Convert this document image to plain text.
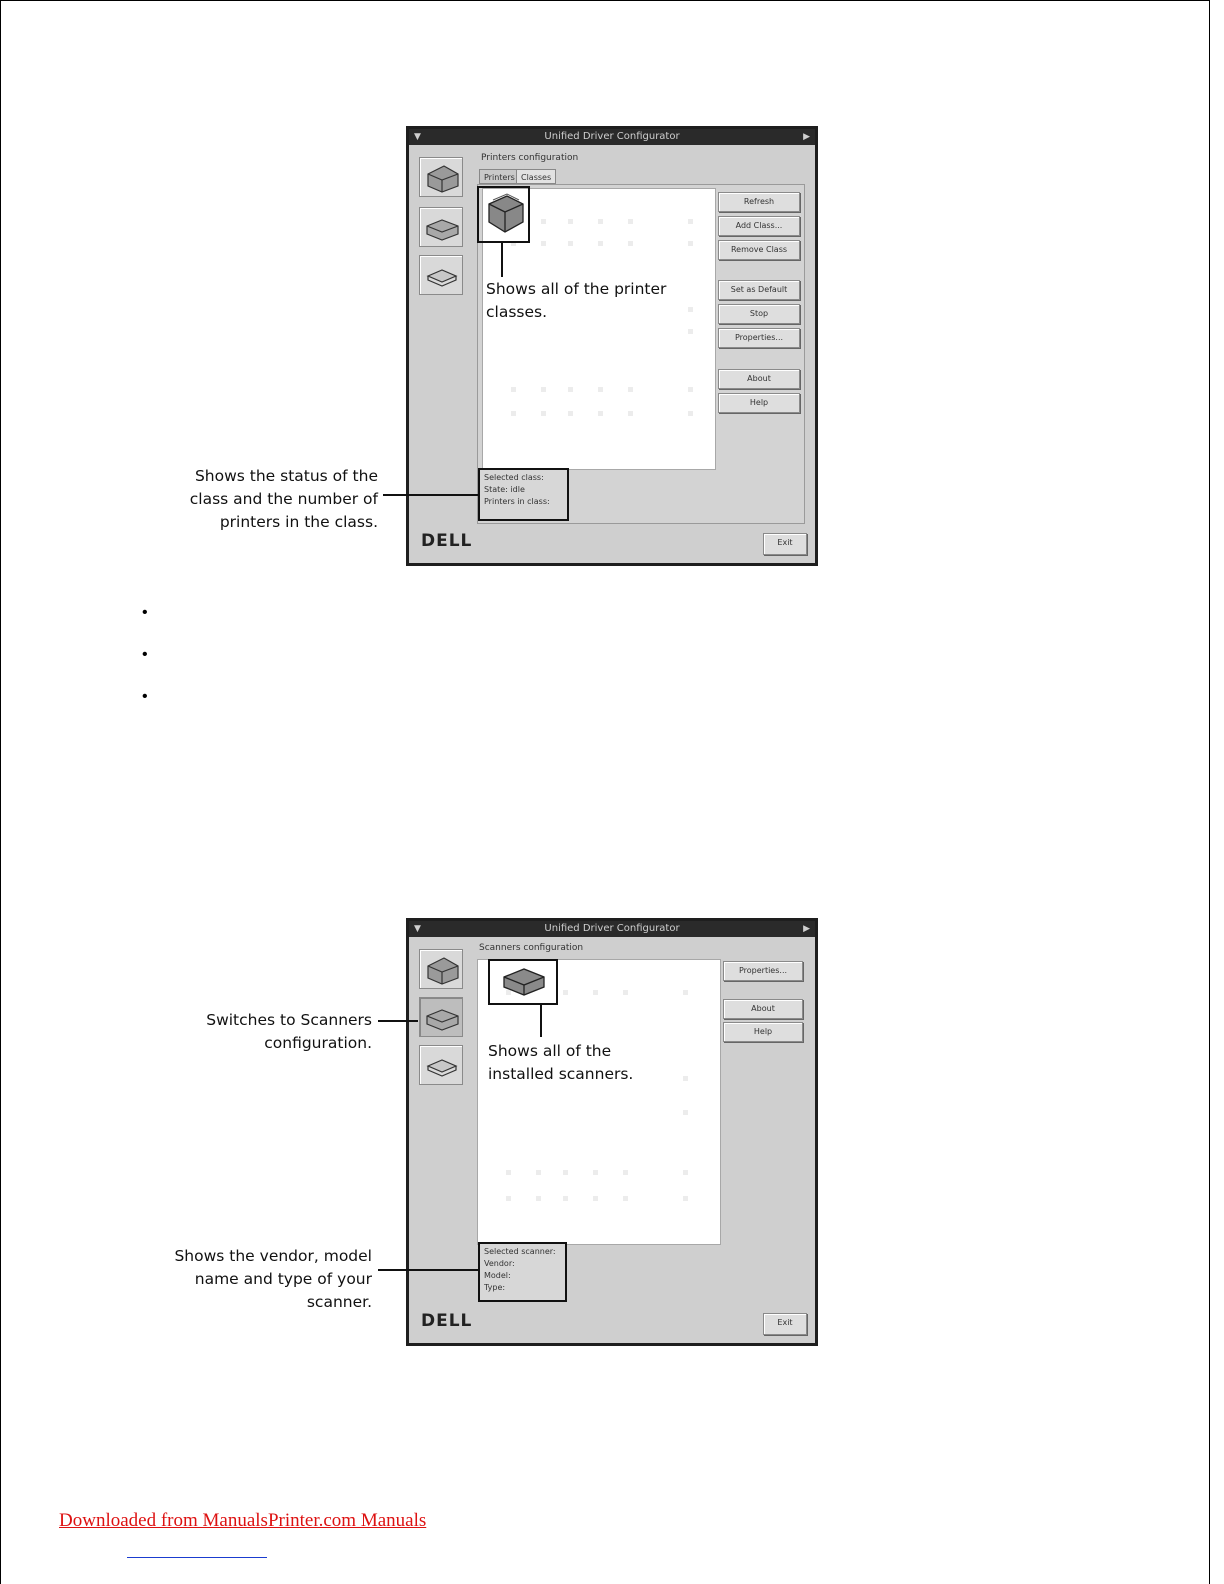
▼	Unified Driver Configurator	▶
Printers configuration
Printers Classes
Refresh
Add Class...
Remove Class
Set as Default
Stop
Properties...
About
Help
DELL	Exit
Shows all of the printer
classes.
Selected class:
State: idle
Printers in class:
Shows the status of the
class and the number of
printers in the class.
•
•
•
▼	Unified Driver Configurator	▶
Scanners configuration
Properties...
About
Help
DELL	Exit
Shows all of the
installed scanners.
Switches to Scanners
configuration.
Selected scanner:
Vendor:
Model:
Type:
Shows the vendor, model
name and type of your
scanner.
Downloaded from ManualsPrinter.com Manuals
